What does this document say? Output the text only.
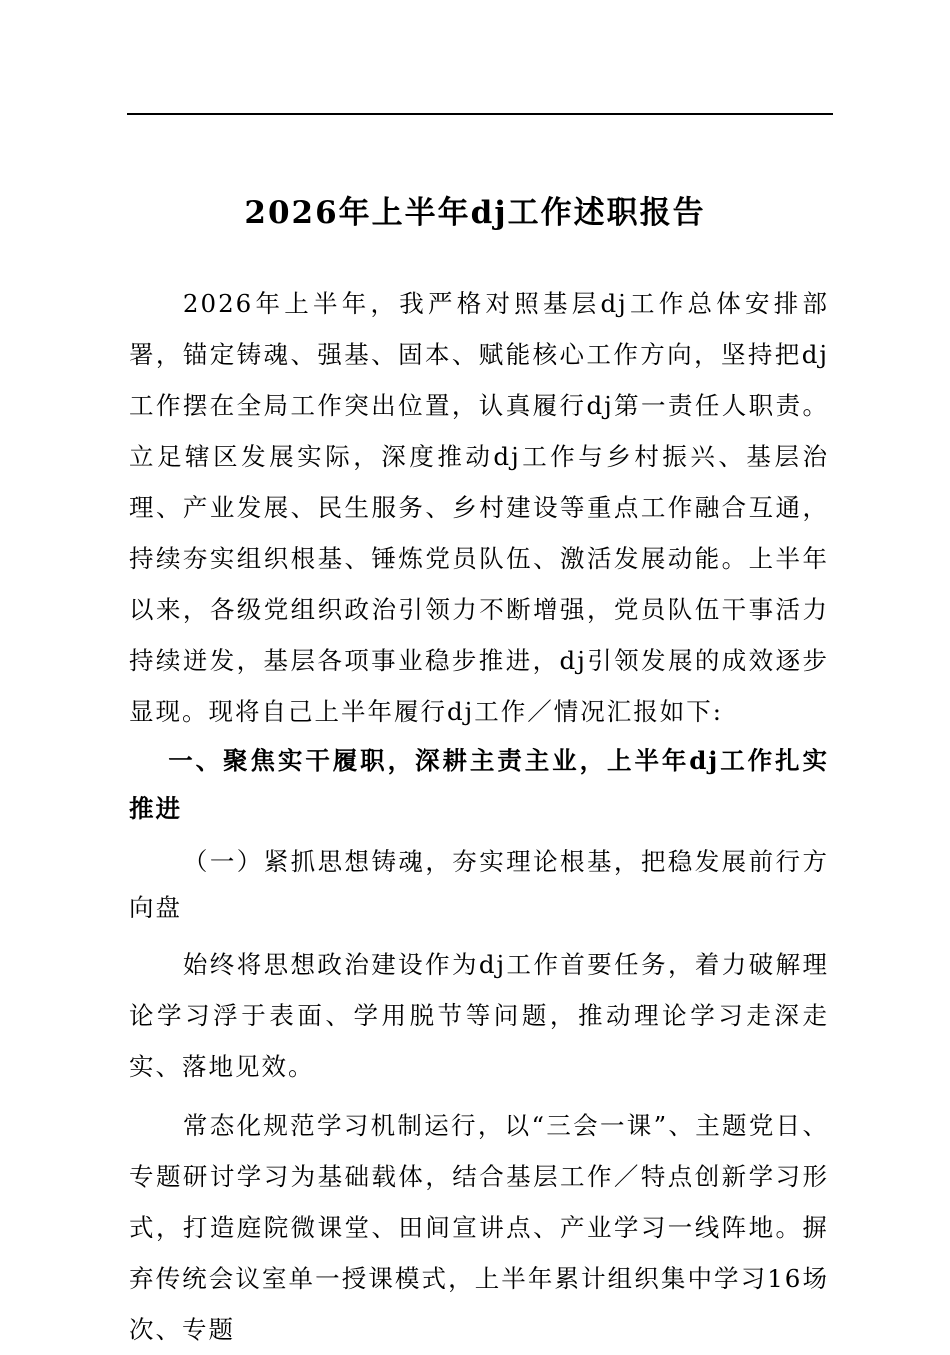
2026年上半年dj工作述职报告

2026年上半年，我严格对照基层dj工作总体安排部署，锚定铸魂、强基、固本、赋能核心工作方向，坚持把dj工作摆在全局工作突出位置，认真履行dj第一责任人职责。立足辖区发展实际，深度推动dj工作与乡村振兴、基层治理、产业发展、民生服务、乡村建设等重点工作融合互通，持续夯实组织根基、锤炼党员队伍、激活发展动能。上半年以来，各级党组织政治引领力不断增强，党员队伍干事活力持续迸发，基层各项事业稳步推进，dj引领发展的成效逐步显现。现将自己上半年履行dj工作／情况汇报如下:

一、聚焦实干履职，深耕主责主业，上半年dj工作扎实推进

（一）紧抓思想铸魂，夯实理论根基，把稳发展前行方向盘

始终将思想政治建设作为dj工作首要任务，着力破解理论学习浮于表面、学用脱节等问题，推动理论学习走深走实、落地见效。

常态化规范学习机制运行，以“三会一课”、主题党日、专题研讨学习为基础载体，结合基层工作／特点创新学习形式，打造庭院微课堂、田间宣讲点、产业学习一线阵地。摒弃传统会议室单一授课模式，上半年累计组织集中学习16场次、专题
